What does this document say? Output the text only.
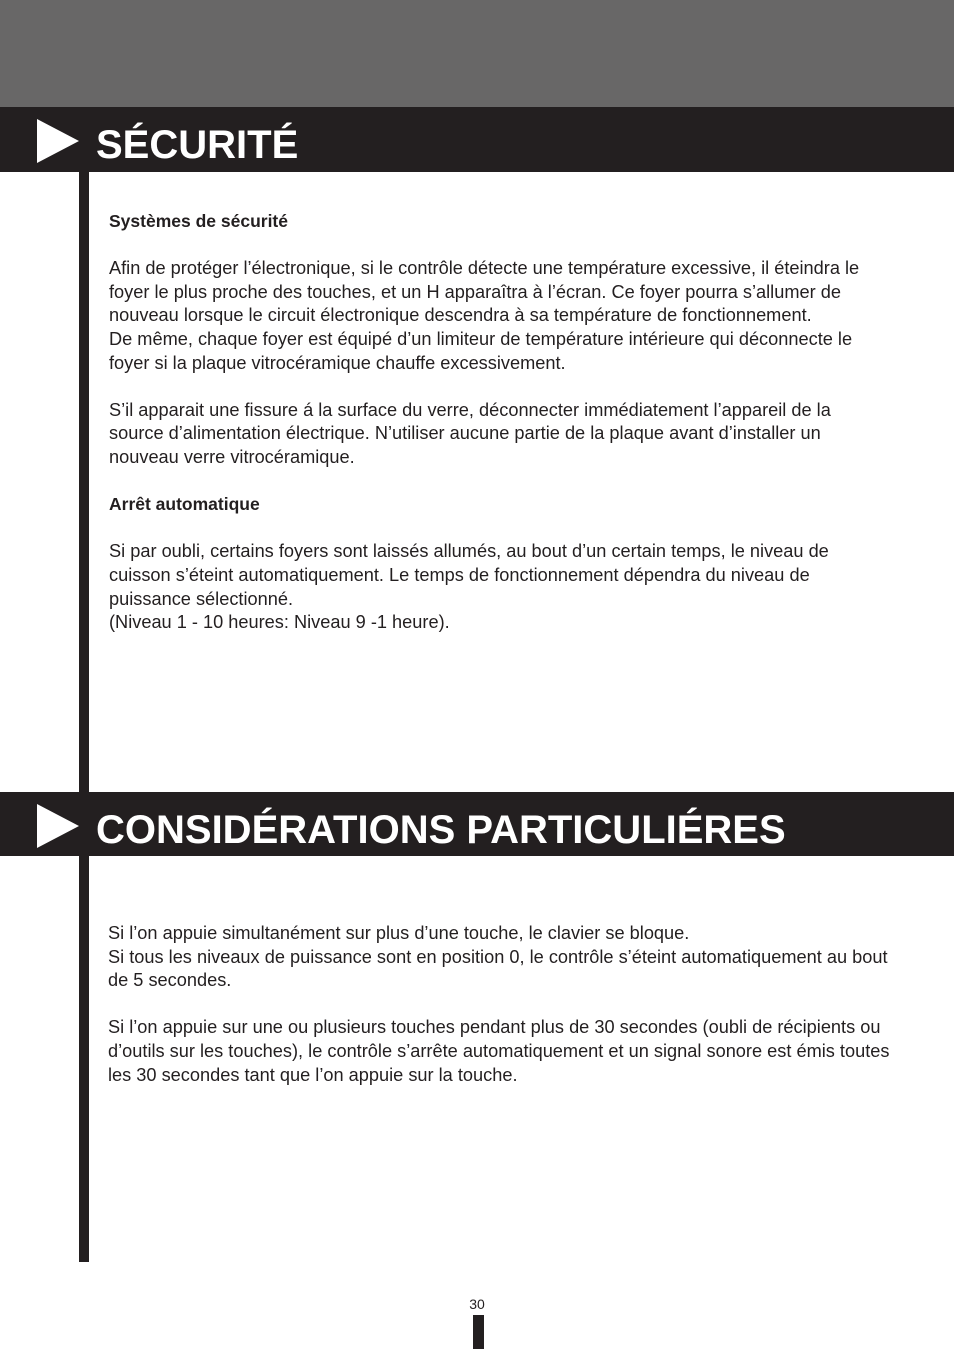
SÉCURITÉ

Systèmes de sécurité

Afin de protéger l’électronique, si le contrôle détecte une température excessive, il éteindra le foyer le plus proche des touches, et un H apparaîtra à l’écran. Ce foyer pourra s’allumer de nouveau lorsque le circuit électronique descendra à sa température de fonctionnement.

De même, chaque foyer est équipé d’un limiteur de température intérieure qui déconnecte le foyer si la plaque vitrocéramique chauffe excessivement.

S’il apparait une fissure á la surface du verre, déconnecter immédiatement l’appareil de la source d’alimentation électrique. N’utiliser aucune partie de la plaque avant d’installer un nouveau verre vitrocéramique.

Arrêt automatique

Si par oubli, certains foyers sont laissés allumés, au bout d’un certain temps, le niveau de cuisson s’éteint automatiquement. Le temps de fonctionnement dépendra du niveau de puissance sélectionné.

(Niveau 1 - 10 heures: Niveau 9 -1 heure).

CONSIDÉRATIONS PARTICULIÉRES

Si l’on appuie simultanément sur plus d’une touche, le clavier se bloque.

Si tous les niveaux de puissance sont en position 0, le contrôle s’éteint automatiquement au bout de 5 secondes.

Si l’on appuie sur une ou plusieurs touches pendant plus de 30 secondes (oubli de récipients ou d’outils sur les touches), le contrôle s’arrête automatiquement et un signal sonore est émis toutes les 30 secondes tant que l’on appuie sur la touche.

30
